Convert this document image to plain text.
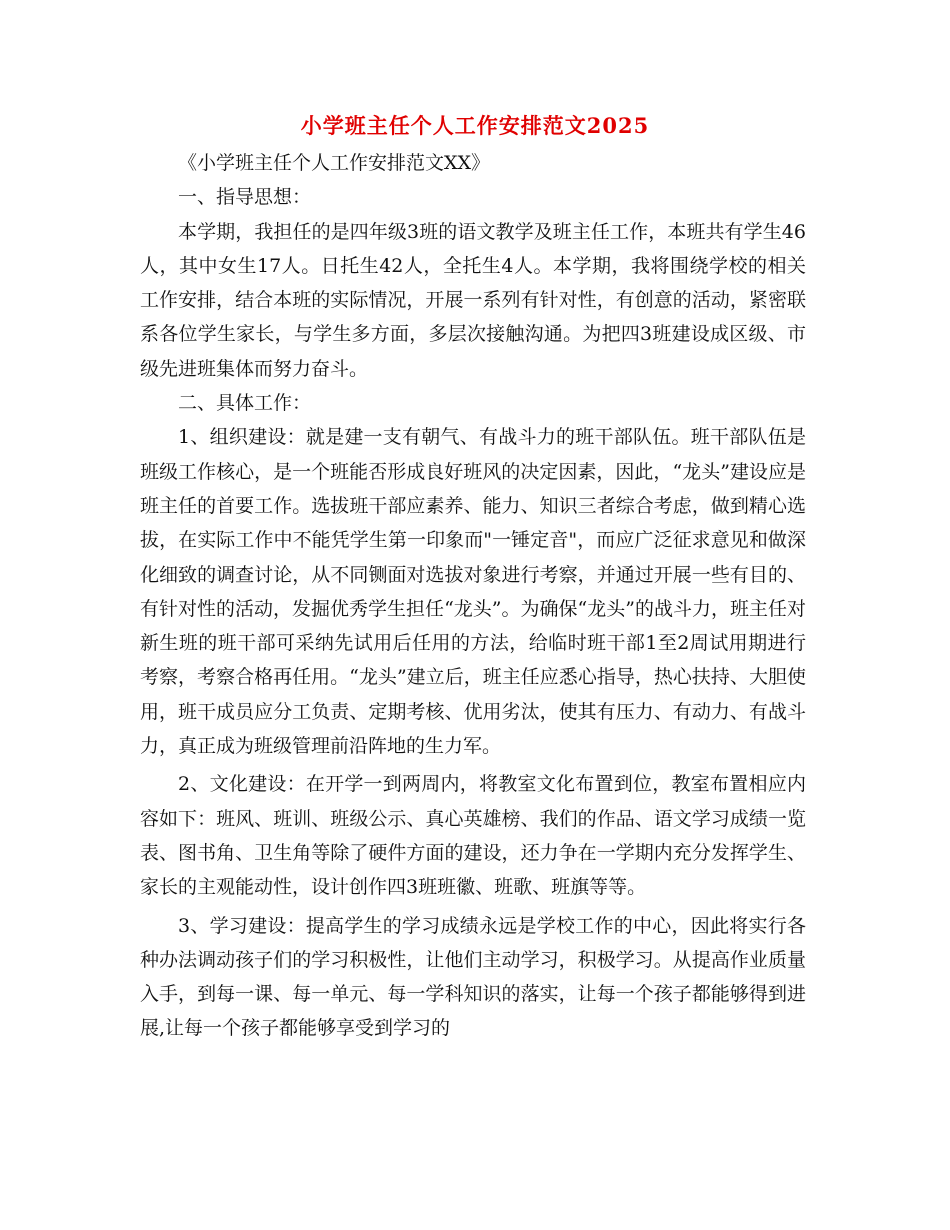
小学班主任个人工作安排范文2025

《小学班主任个人工作安排范文XX》

一、指导思想：

本学期，我担任的是四年级3班的语文教学及班主任工作，本班共有学生46人，其中女生17人。日托生42人，全托生4人。本学期，我将围绕学校的相关工作安排，结合本班的实际情况，开展一系列有针对性，有创意的活动，紧密联系各位学生家长，与学生多方面，多层次接触沟通。为把四3班建设成区级、市级先进班集体而努力奋斗。

二、具体工作：

1、组织建设：就是建一支有朝气、有战斗力的班干部队伍。班干部队伍是班级工作核心，是一个班能否形成良好班风的决定因素，因此，“龙头”建设应是班主任的首要工作。选拔班干部应素养、能力、知识三者综合考虑，做到精心选拔，在实际工作中不能凭学生第一印象而"一锤定音"，而应广泛征求意见和做深化细致的调查讨论，从不同铡面对选拔对象进行考察，并通过开展一些有目的、有针对性的活动，发掘优秀学生担任“龙头”。为确保“龙头”的战斗力，班主任对新生班的班干部可采纳先试用后任用的方法，给临时班干部1至2周试用期进行考察，考察合格再任用。“龙头”建立后，班主任应悉心指导，热心扶持、大胆使用，班干成员应分工负责、定期考核、优用劣汰，使其有压力、有动力、有战斗力，真正成为班级管理前沿阵地的生力军。

2、文化建设：在开学一到两周内，将教室文化布置到位，教室布置相应内容如下：班风、班训、班级公示、真心英雄榜、我们的作品、语文学习成绩一览表、图书角、卫生角等除了硬件方面的建设，还力争在一学期内充分发挥学生、家长的主观能动性，设计创作四3班班徽、班歌、班旗等等。

3、学习建设：提高学生的学习成绩永远是学校工作的中心，因此将实行各种办法调动孩子们的学习积极性，让他们主动学习，积极学习。从提高作业质量入手，到每一课、每一单元、每一学科知识的落实，让每一个孩子都能够得到进展,让每一个孩子都能够享受到学习的
